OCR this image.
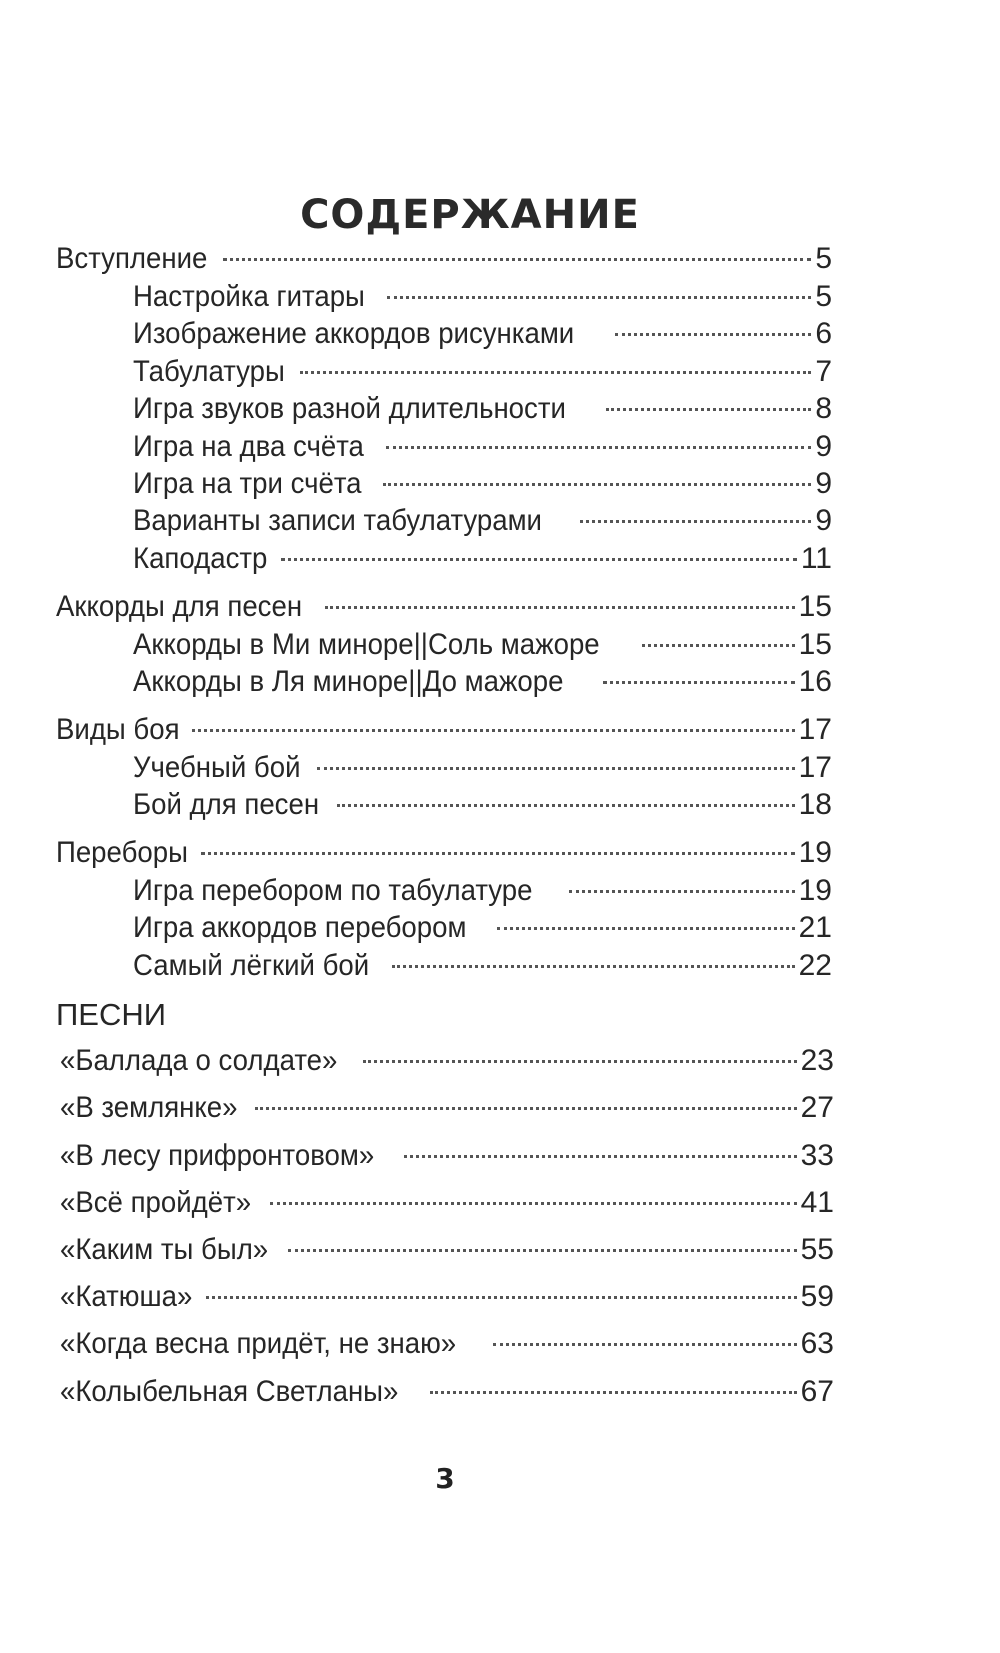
СОДЕРЖАНИЕ
Вступление	5
Настройка гитары	5
Изображение аккордов рисунками	6
Табулатуры	7
Игра звуков разной длительности	8
Игра на два счёта	9
Игра на три счёта	9
Варианты записи табулатурами	9
Каподастр	11
Аккорды для песен	15
Аккорды в Ми миноре||Соль мажоре	15
Аккорды в Ля миноре||До мажоре	16
Виды боя	17
Учебный бой	17
Бой для песен	18
Переборы	19
Игра перебором по табулатуре	19
Игра аккордов перебором	21
Самый лёгкий бой	22
ПЕСНИ
«Баллада о солдате»	23
«В землянке»	27
«В лесу прифронтовом»	33
«Всё пройдёт»	41
«Каким ты был»	55
«Катюша»	59
«Когда весна придёт, не знаю»	63
«Колыбельная Светланы»	67
3
